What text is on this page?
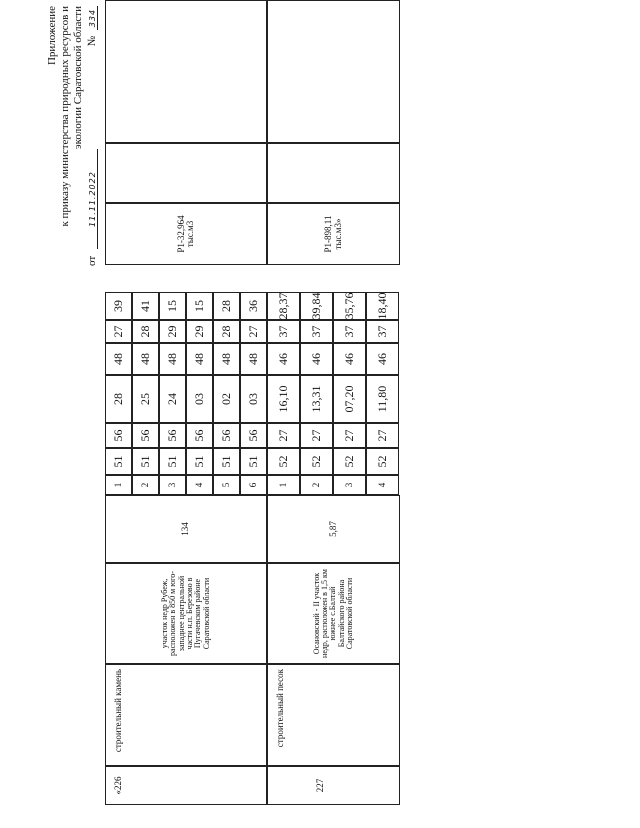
Приложение к приказу министерства природных ресурсов и экологии Саратовской области
от 11.11.2022 № 334
«226
строительный камень
участок недр Рубеж, расположен в 850 м юго-западнее центральной части н.п. Березово в Пугачевском районе Саратовской области
134
1
51
56
28
48
27
39
2
51
56
25
48
28
41
3
51
56
24
48
29
15
4
51
56
03
48
29
15
5
51
56
02
48
28
28
6
51
56
03
48
27
36
P1-32,964 тыс.м3
227
строительный песок
Осановский - II участок недр, расположен в 1,5 км южнее с.Балтай Балтайского района Саратовской области
5,87
1
52
27
16,10
46
37
28,37
2
52
27
13,31
46
37
39,84
3
52
27
07,20
46
37
35,76
4
52
27
11,80
46
37
18,40
P1-898,11 тыс.м3»
